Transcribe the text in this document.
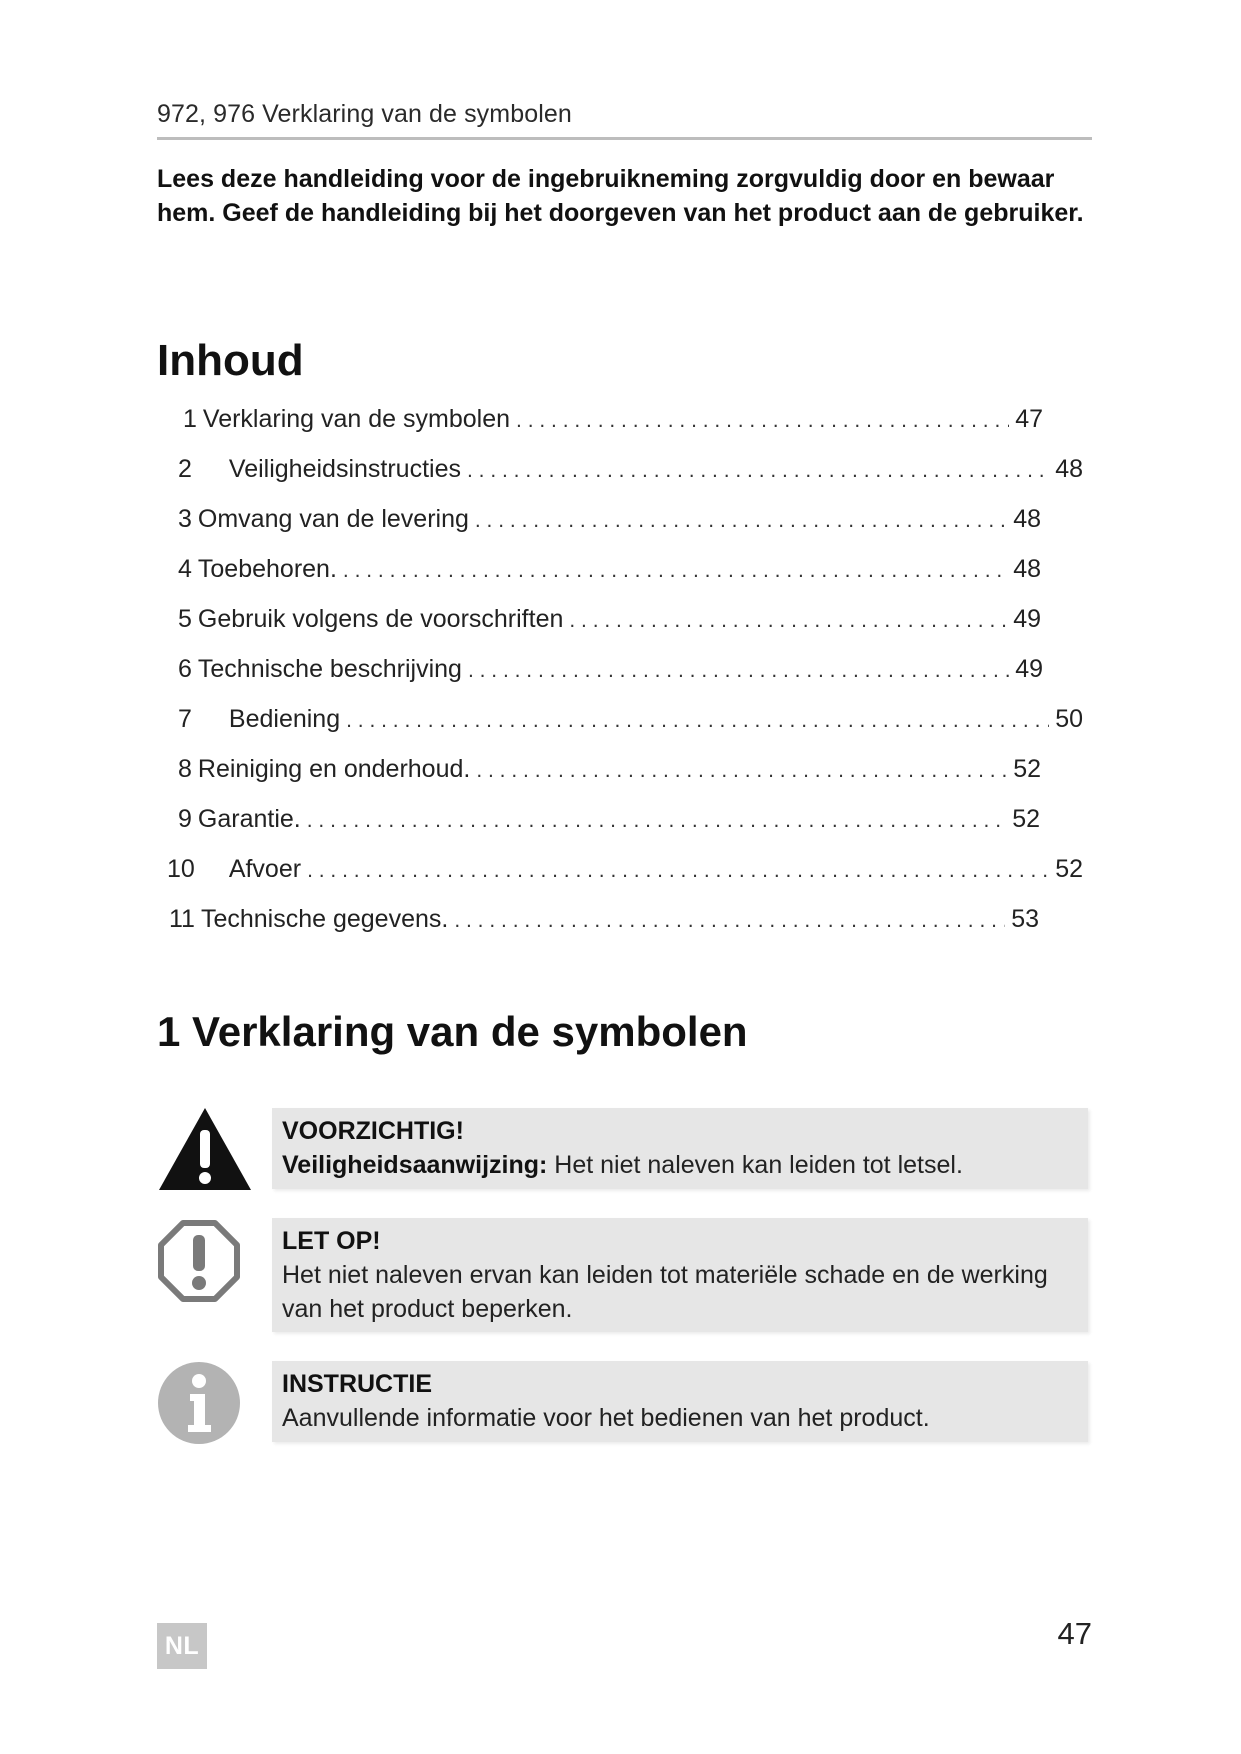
972, 976 Verklaring van de symbolen
Lees deze handleiding voor de ingebruikneming zorgvuldig door en bewaar hem. Geef de handleiding bij het doorgeven van het product aan de gebruiker.
Inhoud
1 Verklaring van de symbolen . . .	47
2 Veiligheidsinstructies . . .	48
3 Omvang van de levering . . .	48
4 Toebehoren. . . .	48
5 Gebruik volgens de voorschriften . . .	49
6 Technische beschrijving . . .	49
7 Bediening . . .	50
8 Reiniging en onderhoud. . . .	52
9 Garantie. . . .	52
10 Afvoer . . .	52
11 Technische gegevens. . . .	53
1 Verklaring van de symbolen
VOORZICHTIG!
Veiligheidsaanwijzing: Het niet naleven kan leiden tot letsel.
LET OP!
Het niet naleven ervan kan leiden tot materiële schade en de werking van het product beperken.
INSTRUCTIE
Aanvullende informatie voor het bedienen van het product.
NL	47
